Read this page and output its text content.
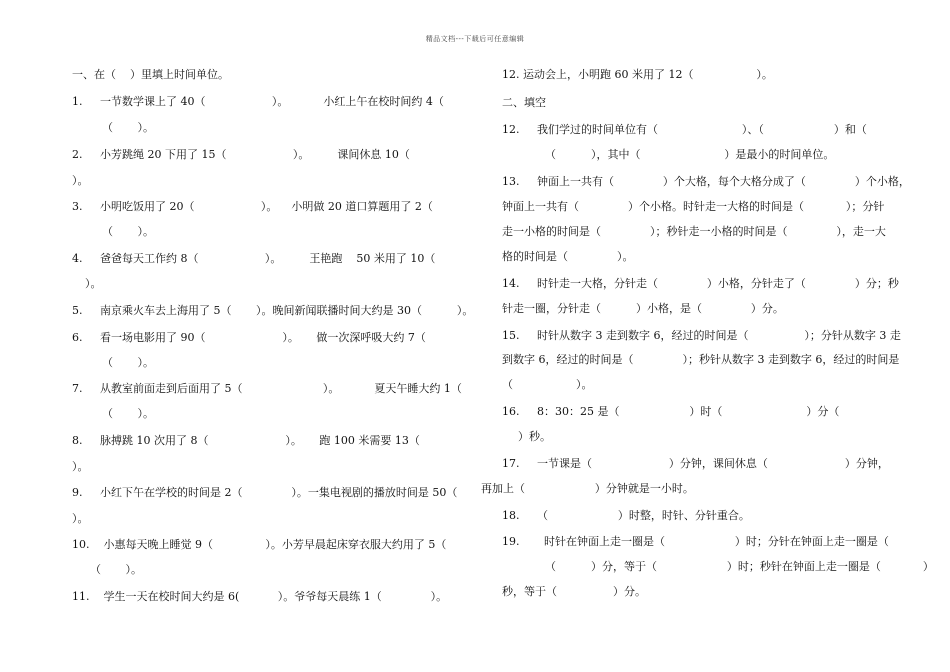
精品文档---下载后可任意编辑
一、在（    ）里填上时间单位。
1.     一节数学课上了 40（                   ）。          小红上午在校时间约 4（
（       ）。
2.     小芳跳绳 20 下用了 15（                   ）。        课间休息 10（
）。
3.     小明吃饭用了 20（                   ）。    小明做 20 道口算题用了 2（
（       ）。
4.     爸爸每天工作约 8（                   ）。        王艳跑    50 米用了 10（
）。
5.     南京乘火车去上海用了 5（       ）。晚间新闻联播时间大约是 30（          ）。
6.     看一场电影用了 90（                      ）。     做一次深呼吸大约 7（
（       ）。
7.     从教室前面走到后面用了 5（                       ）。          夏天午睡大约 1（
（       ）。
8.     脉搏跳 10 次用了 8（                      ）。     跑 100 米需要 13（
）。
9.     小红下午在学校的时间是 2（              ）。一集电视剧的播放时间是 50（
）。
10.    小惠每天晚上睡觉 9（               ）。小芳早晨起床穿衣服大约用了 5（
（       ）。
11.    学生一天在校时间大约是 6(           ）。爷爷每天晨练 1（              ）。
12. 运动会上，小明跑 60 米用了 12（                  ）。
二、填空
12.     我们学过的时间单位有（                        ）、（                    ）和（
（          ），其中（                        ）是最小的时间单位。
13.     钟面上一共有（              ）个大格，每个大格分成了（              ）个小格，
钟面上一共有（              ）个小格。时针走一大格的时间是（            ）；分针
走一小格的时间是（              ）；秒针走一小格的时间是（              ），走一大
格的时间是（              ）。
14.     时针走一大格，分针走（              ）小格，分针走了（              ）分；秒
针走一圈，分针走（          ）小格，是（              ）分。
15.     时针从数字 3 走到数字 6，经过的时间是（                ）；分针从数字 3 走
到数字 6，经过的时间是（              ）；秒针从数字 3 走到数字 6，经过的时间是
（                  ）。
16.     8：30：25 是（                    ）时（                        ）分（
）秒。
17.     一节课是（                      ）分钟，课间休息（                      ）分钟，
再加上（                    ）分钟就是一小时。
18.     （                    ）时整，时针、分针重合。
19.       时针在钟面上走一圈是（                    ）时；分针在钟面上走一圈是（
（          ）分，等于（                    ）时；秒针在钟面上走一圈是（            ）
秒，等于（                ）分。
